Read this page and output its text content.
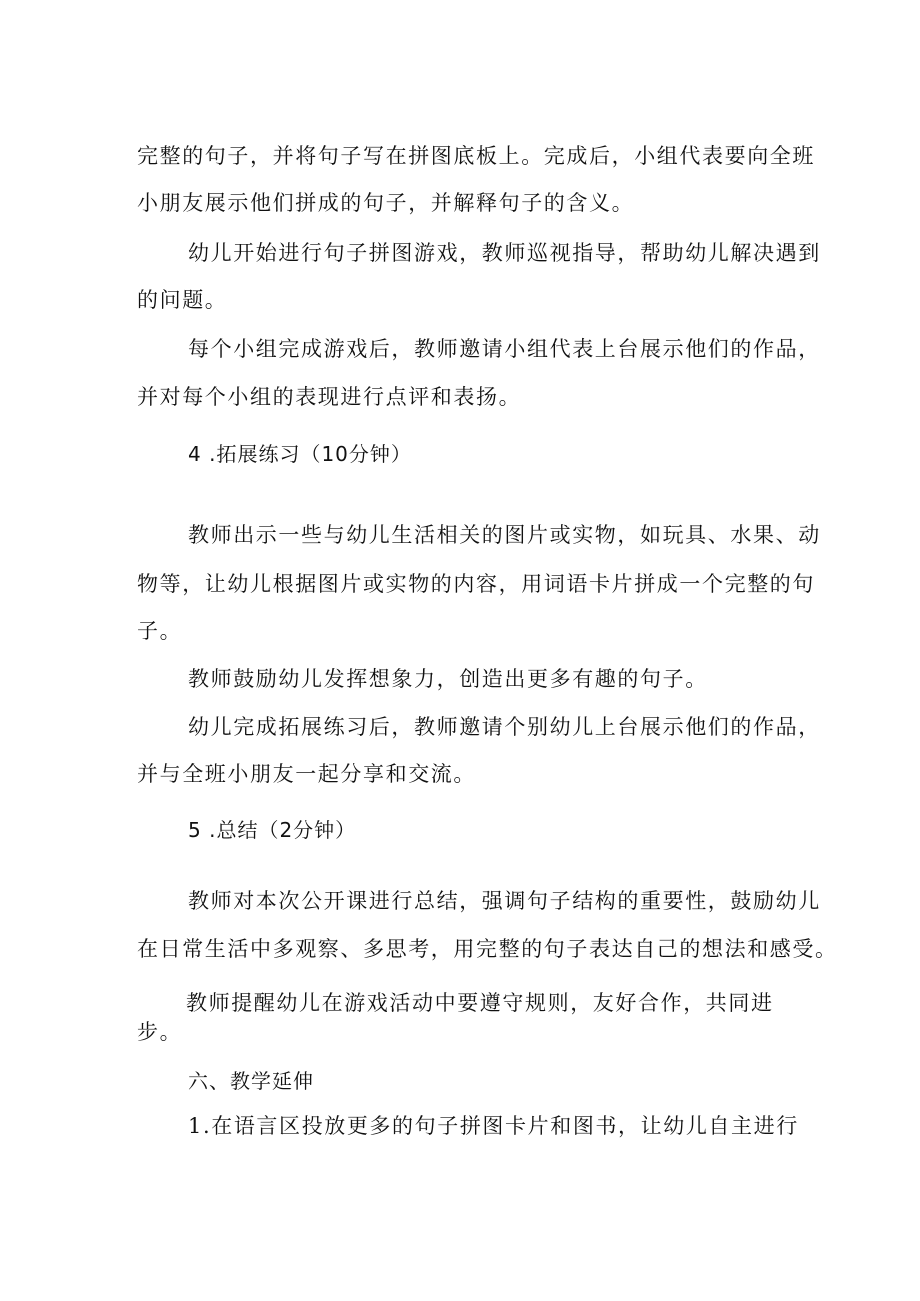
完整的句子，并将句子写在拼图底板上。完成后，小组代表要向全班
小朋友展示他们拼成的句子，并解释句子的含义。
幼儿开始进行句子拼图游戏，教师巡视指导，帮助幼儿解决遇到
的问题。
每个小组完成游戏后，教师邀请小组代表上台展示他们的作品，
并对每个小组的表现进行点评和表扬。
4 .拓展练习（10分钟）
教师出示一些与幼儿生活相关的图片或实物，如玩具、水果、动
物等，让幼儿根据图片或实物的内容，用词语卡片拼成一个完整的句
子。
教师鼓励幼儿发挥想象力，创造出更多有趣的句子。
幼儿完成拓展练习后，教师邀请个别幼儿上台展示他们的作品，
并与全班小朋友一起分享和交流。
5 .总结（2分钟）
教师对本次公开课进行总结，强调句子结构的重要性，鼓励幼儿
在日常生活中多观察、多思考，用完整的句子表达自己的想法和感受。
教师提醒幼儿在游戏活动中要遵守规则，友好合作，共同进
步。
六、教学延伸
1.在语言区投放更多的句子拼图卡片和图书，让幼儿自主进行
